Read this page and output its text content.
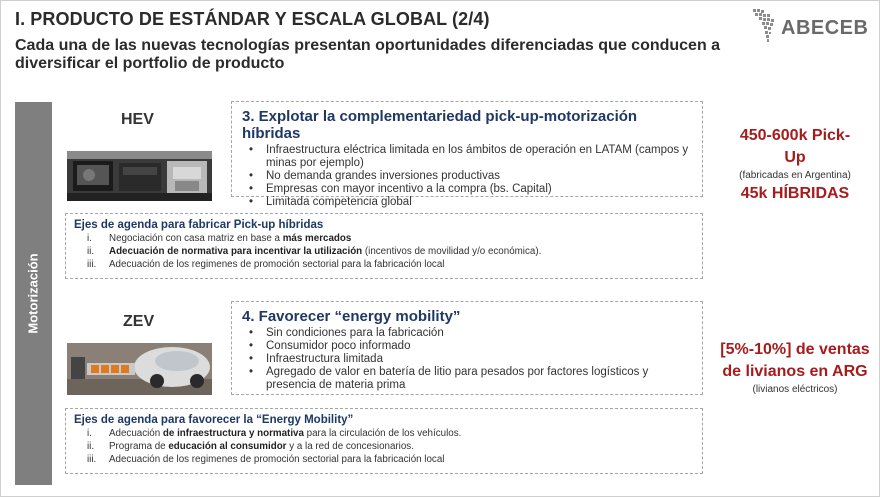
I. PRODUCTO DE ESTÁNDAR Y ESCALA GLOBAL (2/4)
Cada una de las nuevas tecnologías presentan oportunidades diferenciadas que conducen a diversificar el portfolio de producto
ABECEB
Motorización
HEV	3. Explotar la complementariedad pick-up-motorización híbridas
• Infraestructura eléctrica limitada en los ámbitos de operación en LATAM (campos y minas por ejemplo)
• No demanda grandes inversiones productivas
• Empresas con mayor incentivo a la compra (bs. Capital)
• Limitada competencia global
Ejes de agenda para fabricar Pick-up híbridas
i. Negociación con casa matriz en base a más mercados
ii. Adecuación de normativa para incentivar la utilización (incentivos de movilidad y/o económica).
iii. Adecuación de los regimenes de promoción sectorial para la fabricación local
450-600k Pick-
Up
(fabricadas en Argentina)
45k HÍBRIDAS
ZEV	4. Favorecer “energy mobility”
• Sin condiciones para la fabricación
• Consumidor poco informado
• Infraestructura limitada
• Agregado de valor en batería de litio para pesados por factores logísticos y presencia de materia prima
Ejes de agenda para favorecer la “Energy Mobility”
i. Adecuación de infraestructura y normativa para la circulación de los vehículos.
ii. Programa de educación al consumidor y a la red de concesionarios.
iii. Adecuación de los regimenes de promoción sectorial para la fabricación local
[5%-10%] de ventas
de livianos en ARG
(livianos eléctricos)
